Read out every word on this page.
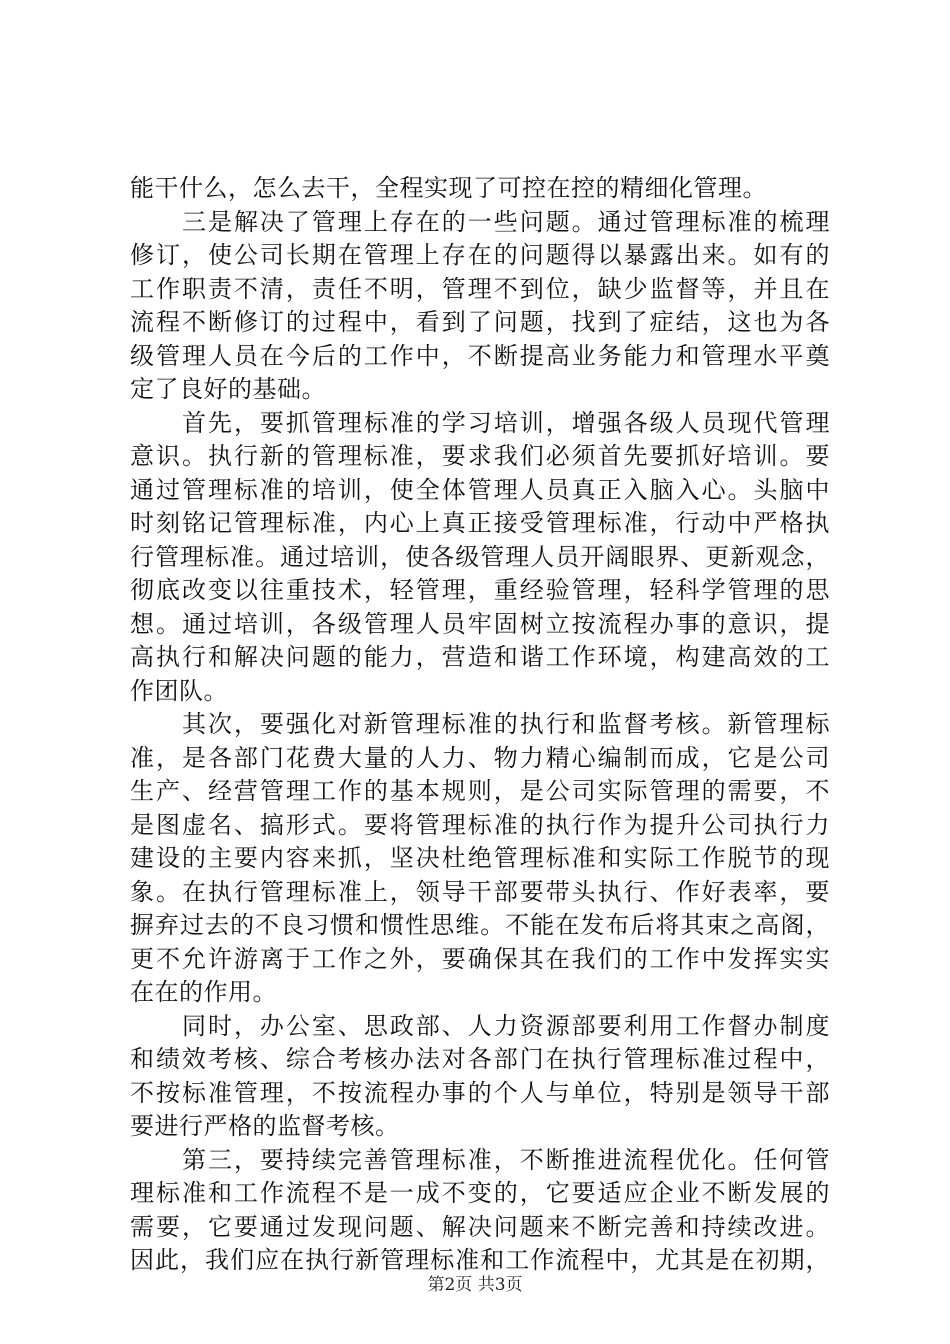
能干什么，怎么去干，全程实现了可控在控的精细化管理。
三是解决了管理上存在的一些问题。通过管理标准的梳理
修订，使公司长期在管理上存在的问题得以暴露出来。如有的
工作职责不清，责任不明，管理不到位，缺少监督等，并且在
流程不断修订的过程中，看到了问题，找到了症结，这也为各
级管理人员在今后的工作中，不断提高业务能力和管理水平奠
定了良好的基础。
首先，要抓管理标准的学习培训，增强各级人员现代管理
意识。执行新的管理标准，要求我们必须首先要抓好培训。要
通过管理标准的培训，使全体管理人员真正入脑入心。头脑中
时刻铭记管理标准，内心上真正接受管理标准，行动中严格执
行管理标准。通过培训，使各级管理人员开阔眼界、更新观念，
彻底改变以往重技术，轻管理，重经验管理，轻科学管理的思
想。通过培训，各级管理人员牢固树立按流程办事的意识，提
高执行和解决问题的能力，营造和谐工作环境，构建高效的工
作团队。
其次，要强化对新管理标准的执行和监督考核。新管理标
准，是各部门花费大量的人力、物力精心编制而成，它是公司
生产、经营管理工作的基本规则，是公司实际管理的需要，不
是图虚名、搞形式。要将管理标准的执行作为提升公司执行力
建设的主要内容来抓，坚决杜绝管理标准和实际工作脱节的现
象。在执行管理标准上，领导干部要带头执行、作好表率，要
摒弃过去的不良习惯和惯性思维。不能在发布后将其束之高阁，
更不允许游离于工作之外，要确保其在我们的工作中发挥实实
在在的作用。
同时，办公室、思政部、人力资源部要利用工作督办制度
和绩效考核、综合考核办法对各部门在执行管理标准过程中，
不按标准管理，不按流程办事的个人与单位，特别是领导干部
要进行严格的监督考核。
第三，要持续完善管理标准，不断推进流程优化。任何管
理标准和工作流程不是一成不变的，它要适应企业不断发展的
需要，它要通过发现问题、解决问题来不断完善和持续改进。
因此，我们应在执行新管理标准和工作流程中，尤其是在初期，
第2页 共3页
